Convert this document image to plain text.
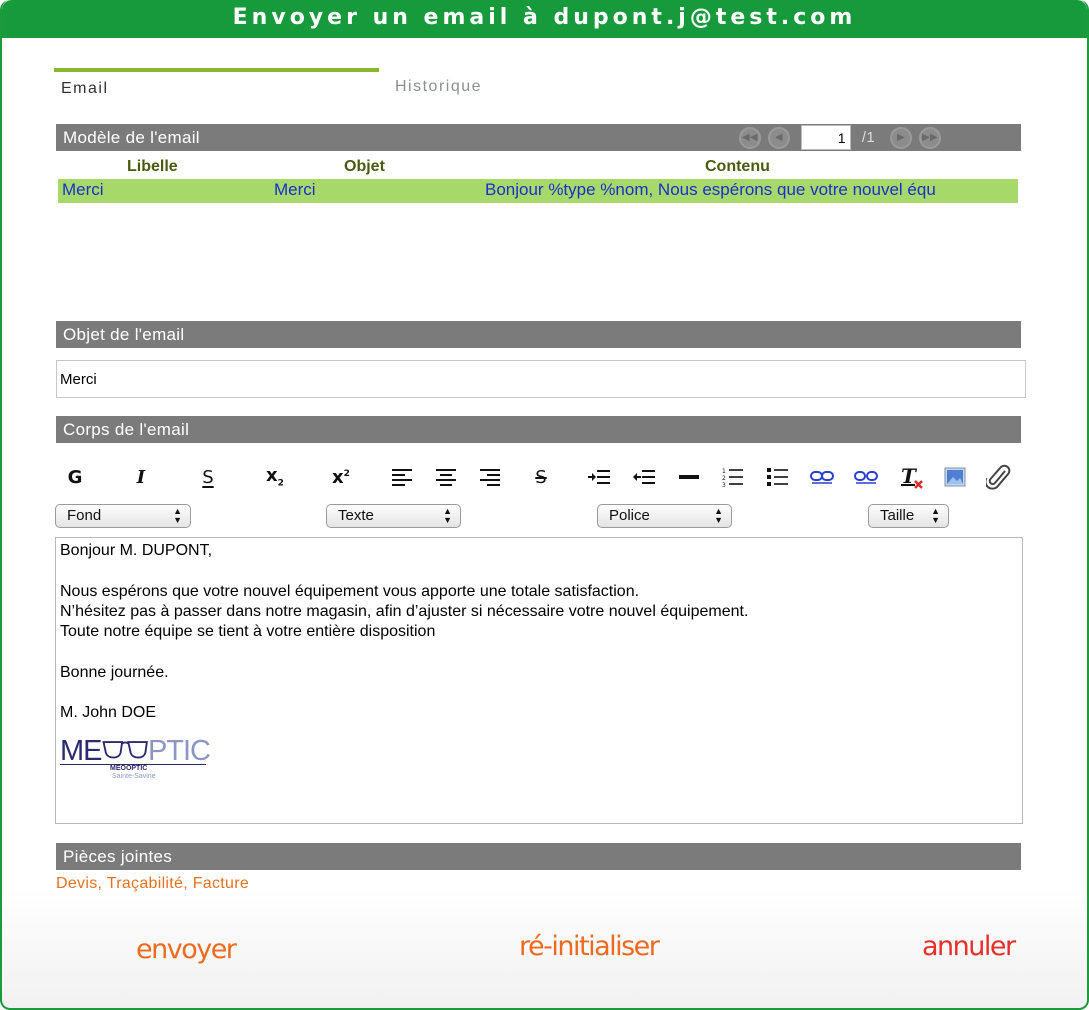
Envoyer un email à dupont.j@test.com
Email	Historique
Modèle de l'email	◀◀	◀	1	/1	▶	▶▶
Libelle	Objet	Contenu
Merci	Merci	Bonjour %type %nom, Nous espérons que votre nouvel équ
Objet de l'email
Merci
Corps de l'email
G	I	S	$x_2$	$x^2$	S	1
2
3	T
Fond	▲
▼	Texte	▲
▼	Police	▲
▼	Taille ▲
▼

Bonjour M. DUPONT,

Nous espérons que votre nouvel équipement vous apporte une totale satisfaction.

N’hésitez pas à passer dans notre magasin, afin d’ajuster si nécessaire votre nouvel équipement.

Toute notre équipe se tient à votre entière disposition

Bonne journée.

M. John DOE

ME PTIC
MEOOPTIC
Sainte-Savine
Pièces jointes
Devis, Traçabilité, Facture
envoyer	ré-initialiser	annuler
